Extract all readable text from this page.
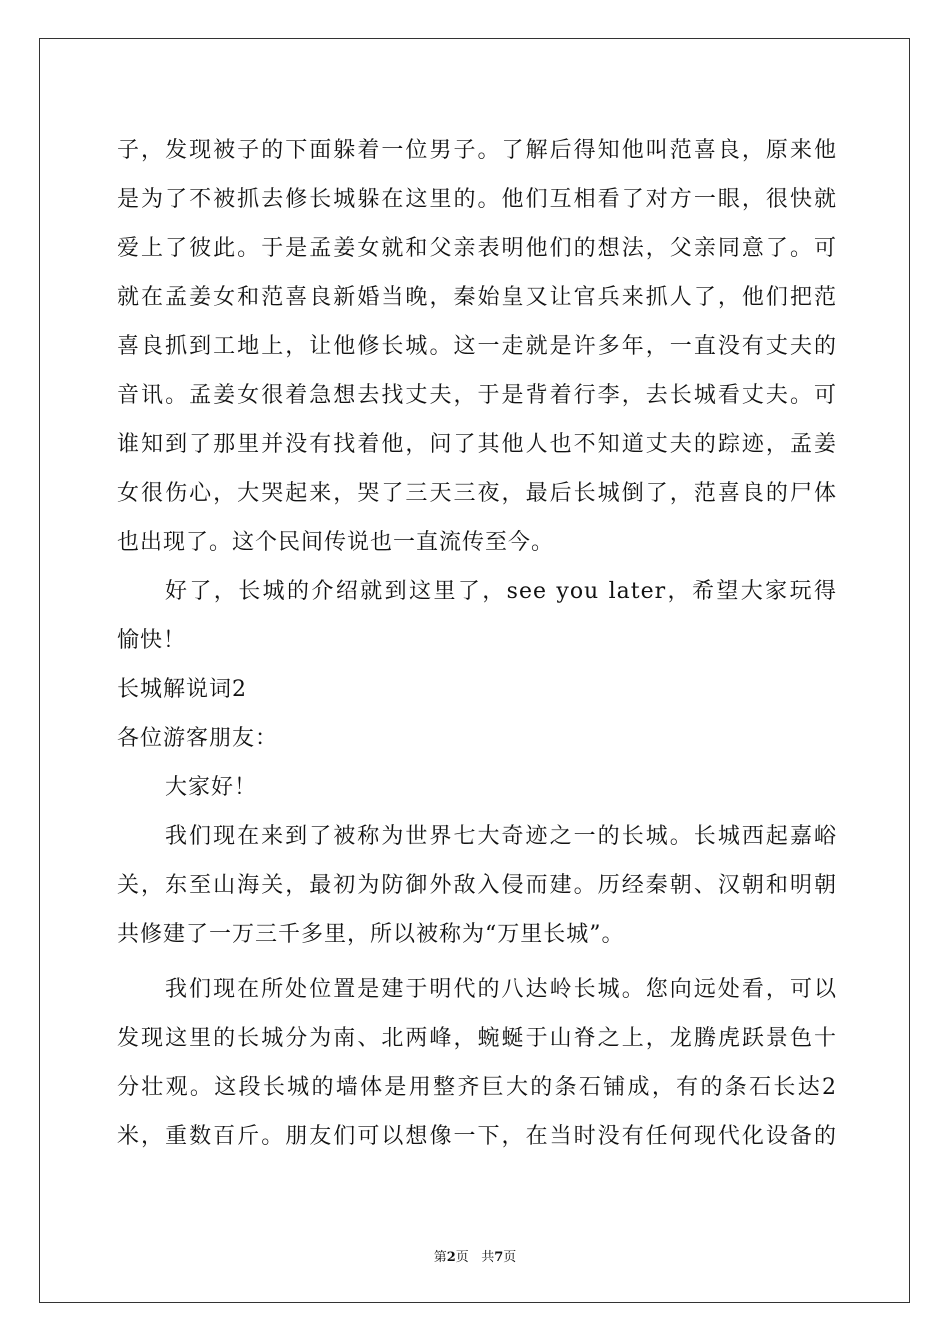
子，发现被子的下面躲着一位男子。了解后得知他叫范喜良，原来他
是为了不被抓去修长城躲在这里的。他们互相看了对方一眼，很快就
爱上了彼此。于是孟姜女就和父亲表明他们的想法，父亲同意了。可
就在孟姜女和范喜良新婚当晚，秦始皇又让官兵来抓人了，他们把范
喜良抓到工地上，让他修长城。这一走就是许多年，一直没有丈夫的
音讯。孟姜女很着急想去找丈夫，于是背着行李，去长城看丈夫。可
谁知到了那里并没有找着他，问了其他人也不知道丈夫的踪迹，孟姜
女很伤心，大哭起来，哭了三天三夜，最后长城倒了，范喜良的尸体
也出现了。这个民间传说也一直流传至今。
好了，长城的介绍就到这里了，see you later，希望大家玩得
愉快！
长城解说词2
各位游客朋友：
大家好！
我们现在来到了被称为世界七大奇迹之一的长城。长城西起嘉峪
关，东至山海关，最初为防御外敌入侵而建。历经秦朝、汉朝和明朝
共修建了一万三千多里，所以被称为“万里长城”。
我们现在所处位置是建于明代的八达岭长城。您向远处看，可以
发现这里的长城分为南、北两峰，蜿蜒于山脊之上，龙腾虎跃景色十
分壮观。这段长城的墙体是用整齐巨大的条石铺成，有的条石长达2
米，重数百斤。朋友们可以想像一下，在当时没有任何现代化设备的
第2页 共7页
